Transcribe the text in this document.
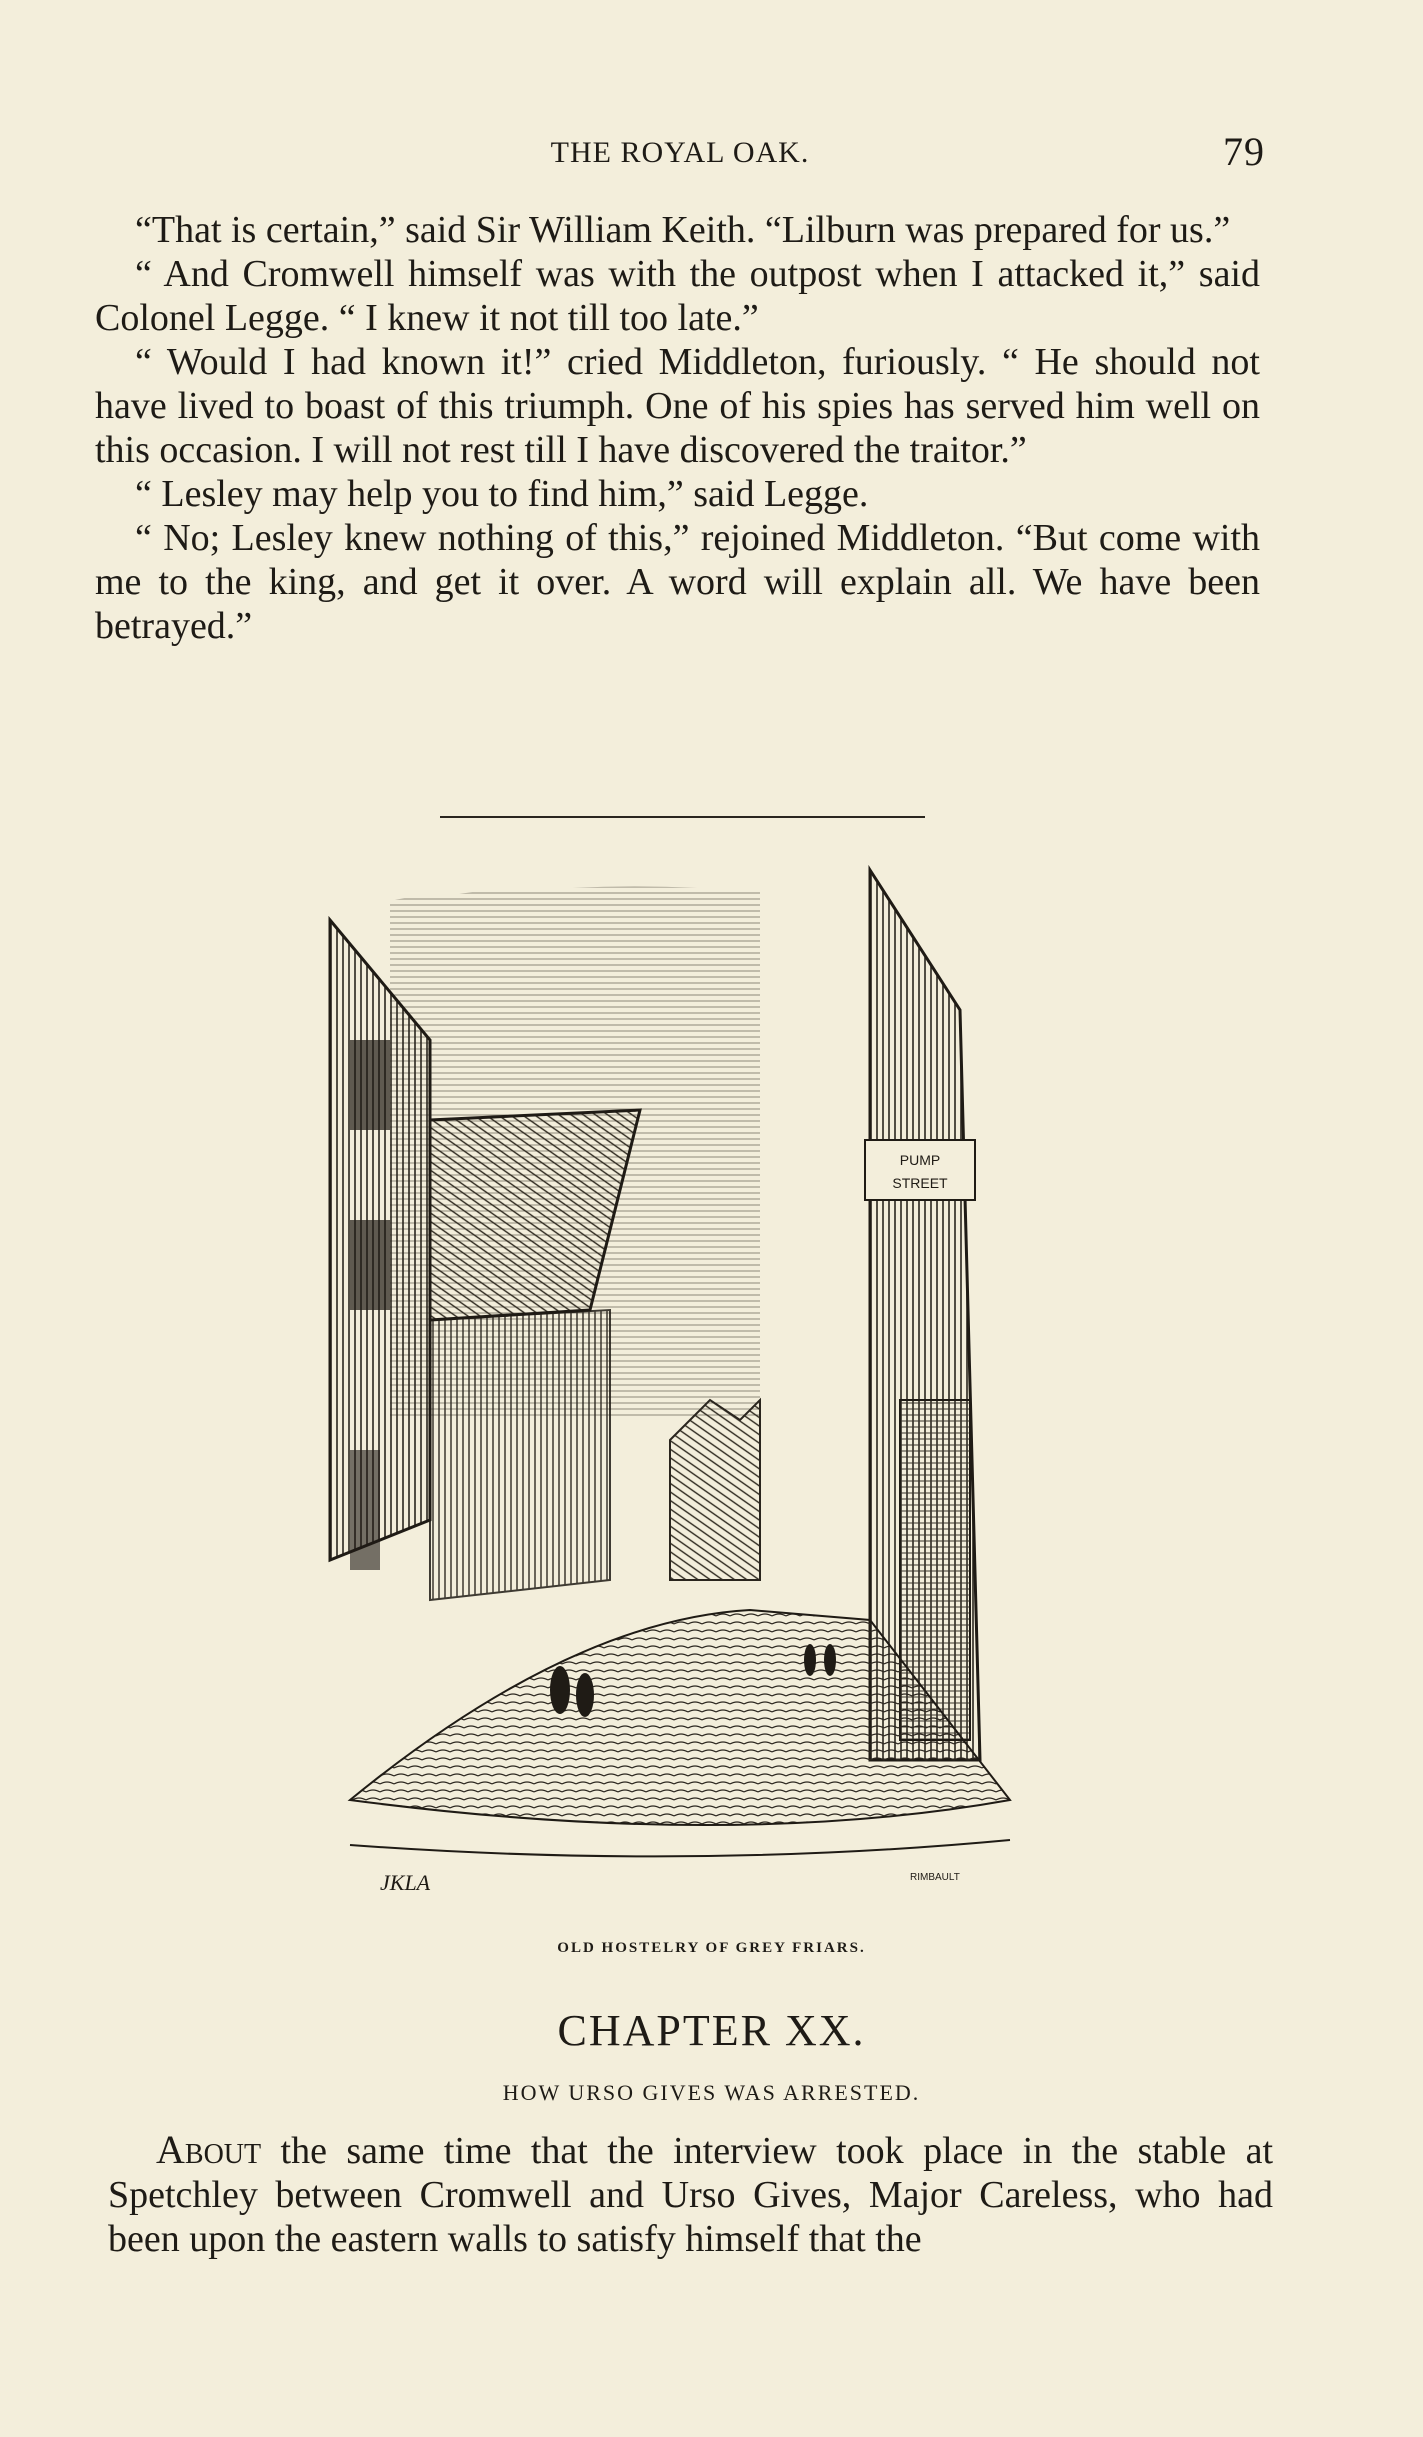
THE ROYAL OAK.	79

“That is certain,” said Sir William Keith. “Lilburn was prepared for us.”

“ And Cromwell himself was with the outpost when I attacked it,” said Colonel Legge. “ I knew it not till too late.”

“ Would I had known it!” cried Middleton, furiously. “ He should not have lived to boast of this triumph. One of his spies has served him well on this occasion. I will not rest till I have discovered the traitor.”

“ Lesley may help you to find him,” said Legge.

“ No; Lesley knew nothing of this,” rejoined Middleton. “But come with me to the king, and get it over. A word will explain all. We have been betrayed.”

PUMP
STREET
JKLA	RIMBAULT
OLD HOSTELRY OF GREY FRIARS.
CHAPTER XX.
HOW URSO GIVES WAS ARRESTED.

About the same time that the interview took place in the stable at Spetchley between Cromwell and Urso Gives, Major Careless, who had been upon the eastern walls to satisfy himself that the
